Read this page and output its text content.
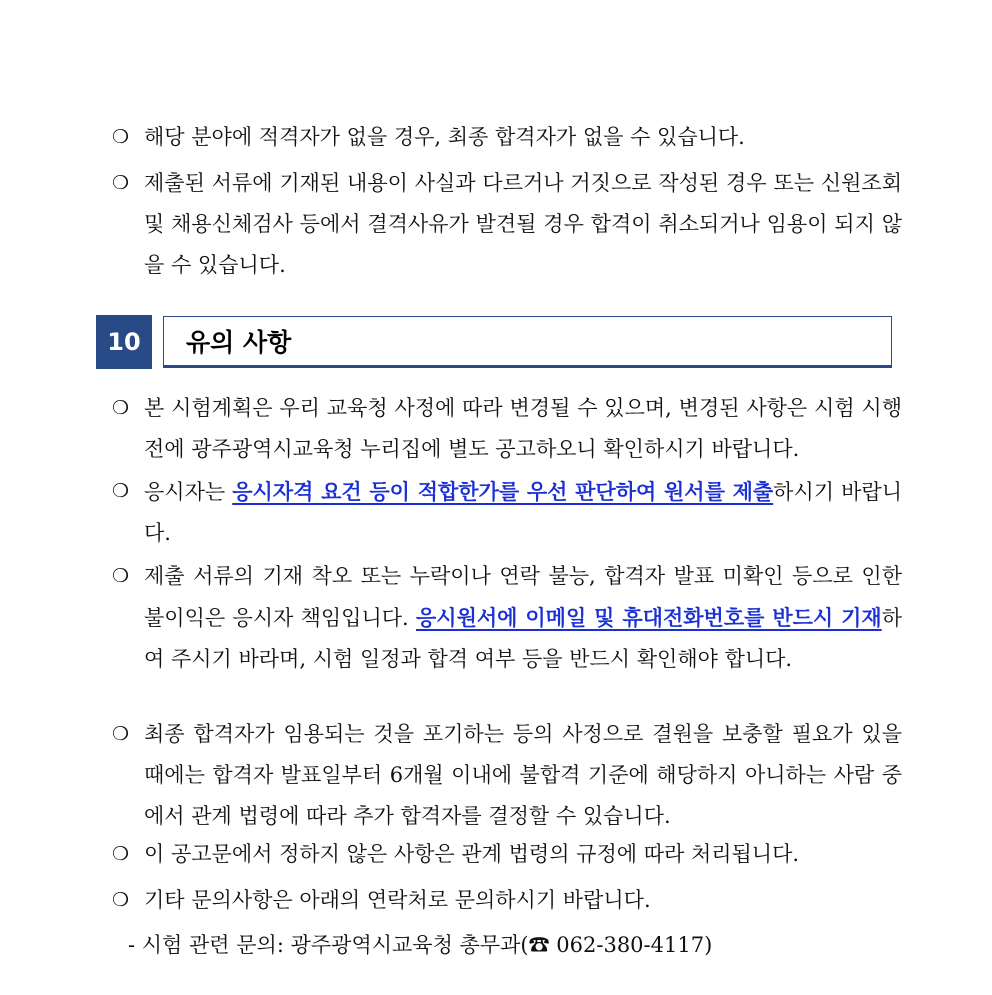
❍ 해당 분야에 적격자가 없을 경우, 최종 합격자가 없을 수 있습니다.
❍ 제출된 서류에 기재된 내용이 사실과 다르거나 거짓으로 작성된 경우 또는 신원조회 및 채용신체검사 등에서 결격사유가 발견될 경우 합격이 취소되거나 임용이 되지 않을 수 있습니다.
10	유의 사항
❍ 본 시험계획은 우리 교육청 사정에 따라 변경될 수 있으며, 변경된 사항은 시험 시행 전에 광주광역시교육청 누리집에 별도 공고하오니 확인하시기 바랍니다.
❍ 응시자는 응시자격 요건 등이 적합한가를 우선 판단하여 원서를 제출하시기 바랍니다.
❍ 제출 서류의 기재 착오 또는 누락이나 연락 불능, 합격자 발표 미확인 등으로 인한 불이익은 응시자 책임입니다. 응시원서에 이메일 및 휴대전화번호를 반드시 기재하여 주시기 바라며, 시험 일정과 합격 여부 등을 반드시 확인해야 합니다.
❍ 최종 합격자가 임용되는 것을 포기하는 등의 사정으로 결원을 보충할 필요가 있을 때에는 합격자 발표일부터 6개월 이내에 불합격 기준에 해당하지 아니하는 사람 중에서 관계 법령에 따라 추가 합격자를 결정할 수 있습니다.
❍ 이 공고문에서 정하지 않은 사항은 관계 법령의 규정에 따라 처리됩니다.
❍ 기타 문의사항은 아래의 연락처로 문의하시기 바랍니다.
- 시험 관련 문의: 광주광역시교육청 총무과(☎ 062-380-4117)
